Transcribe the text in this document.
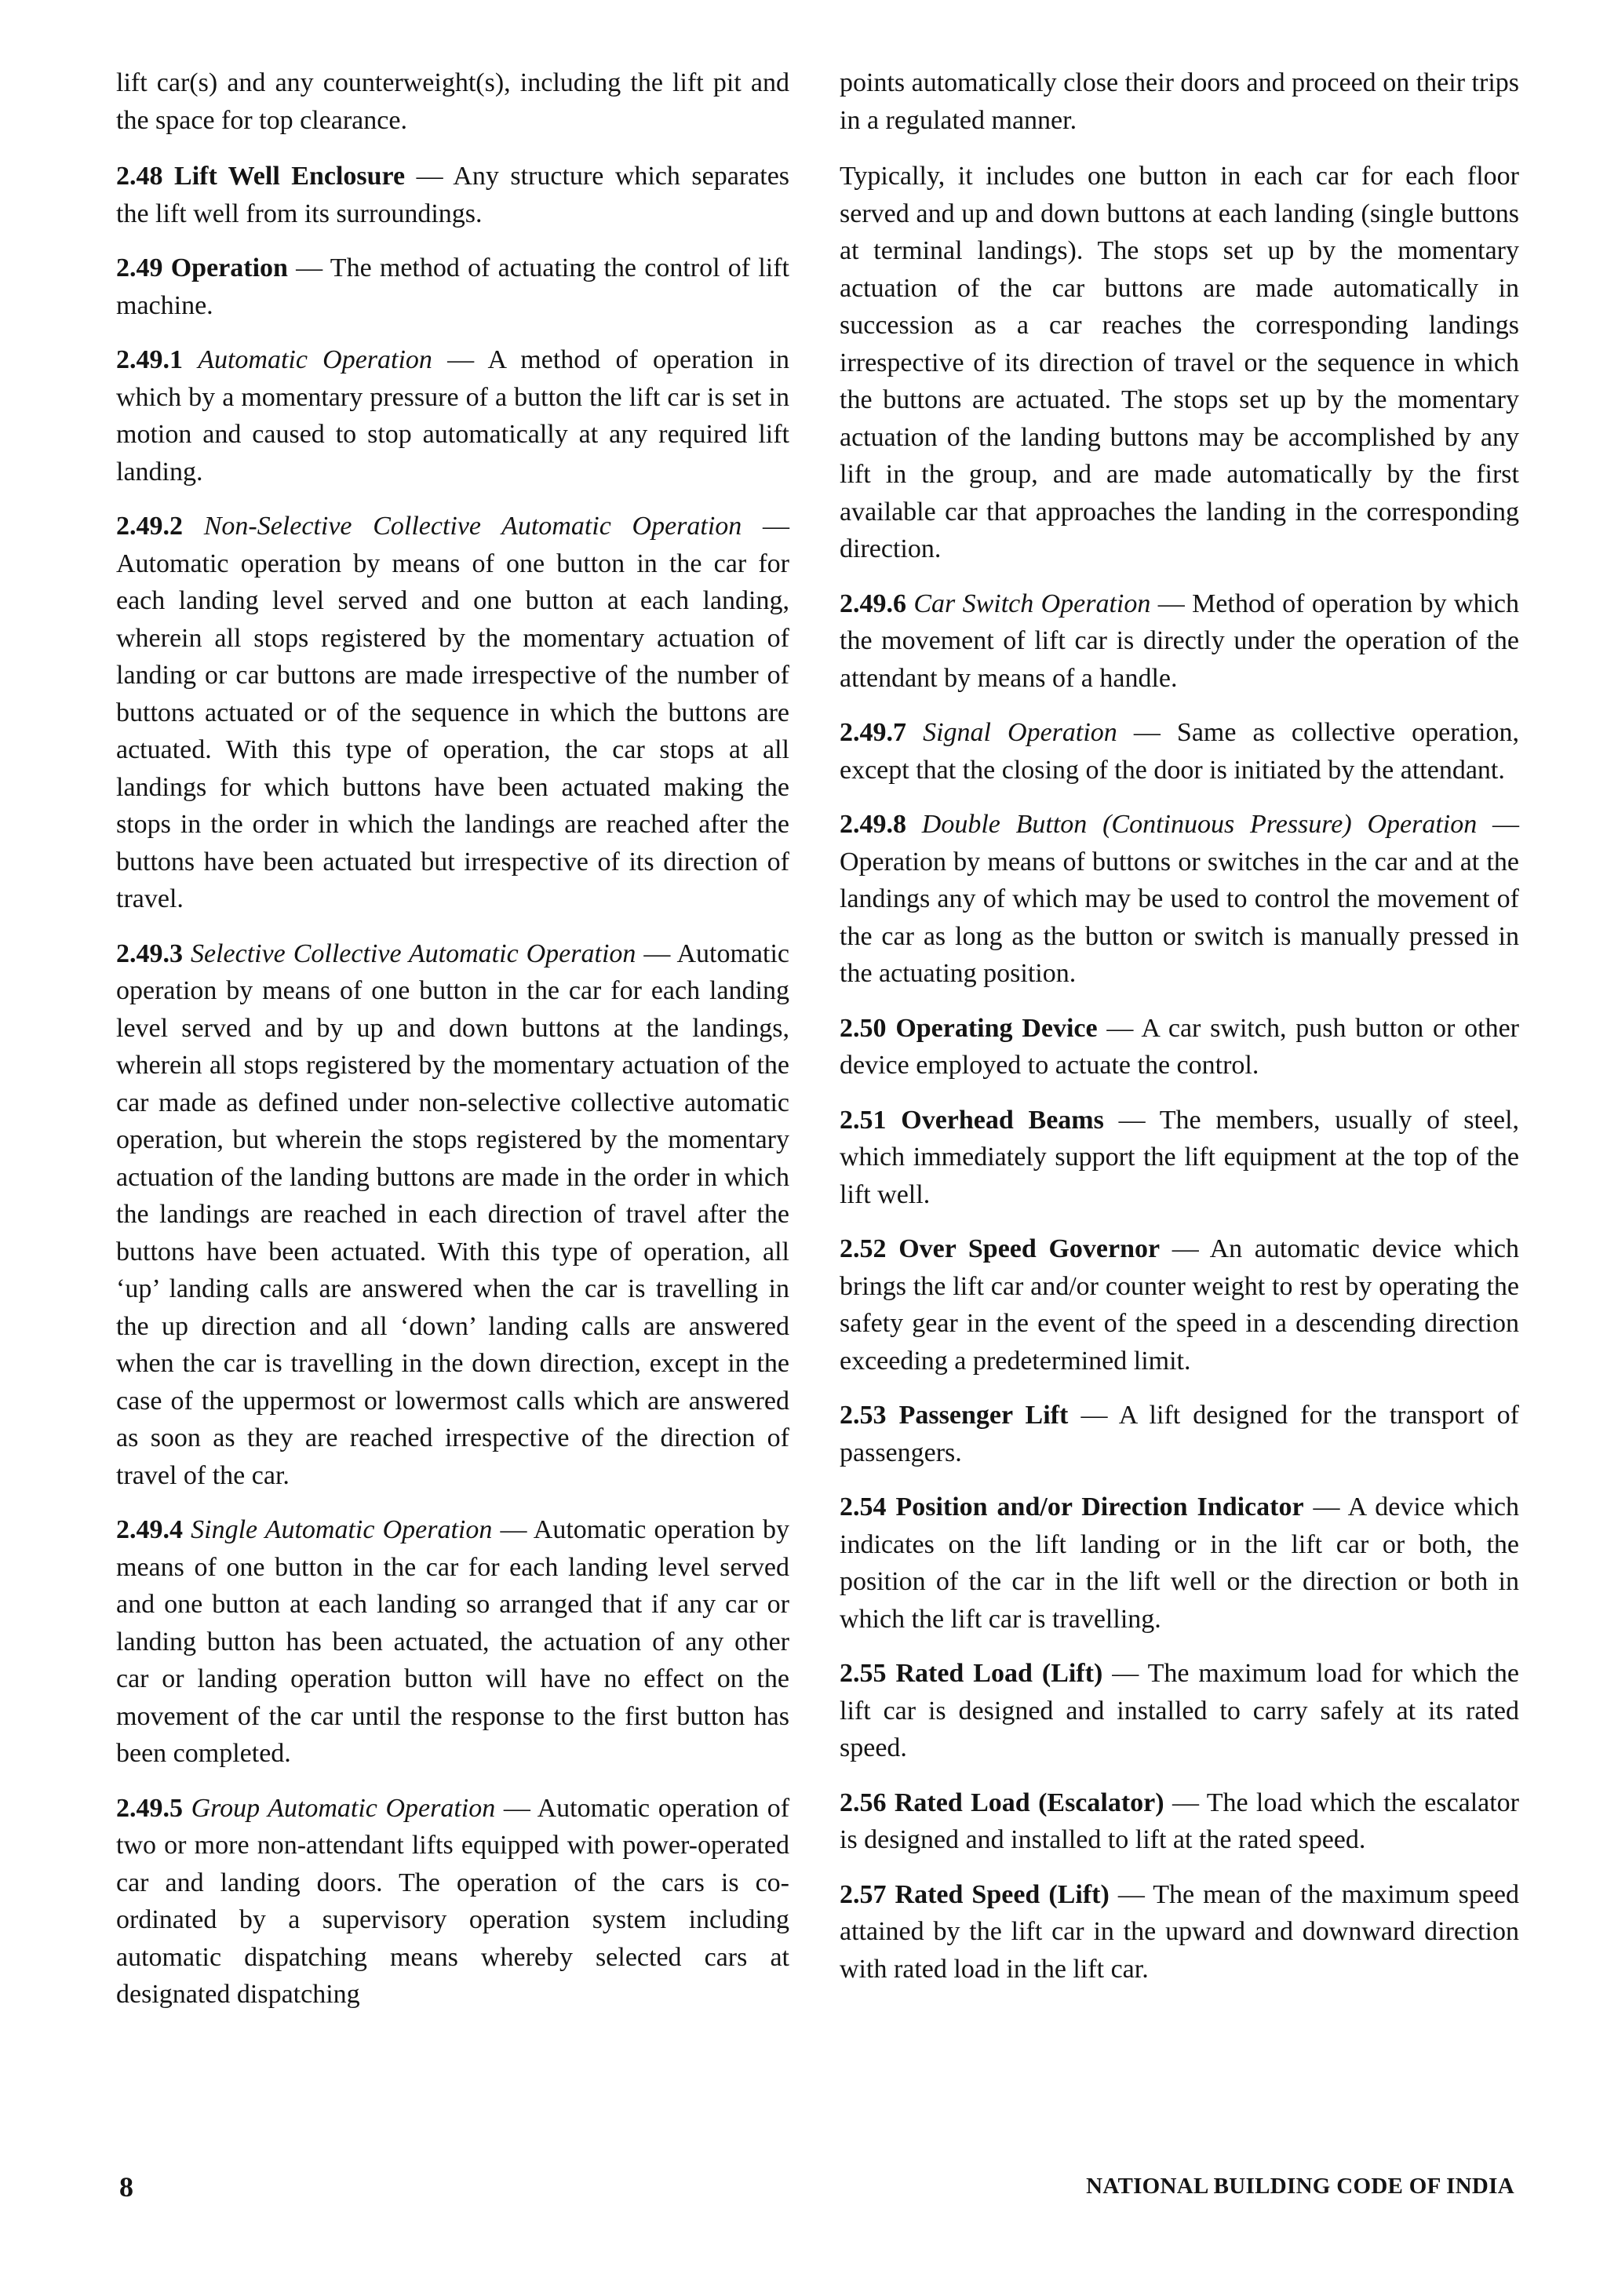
lift car(s) and any counterweight(s), including the lift pit and the space for top clearance.

2.48 Lift Well Enclosure — Any structure which separates the lift well from its surroundings.

2.49 Operation — The method of actuating the control of lift machine.

2.49.1 Automatic Operation — A method of operation in which by a momentary pressure of a button the lift car is set in motion and caused to stop automatically at any required lift landing.

2.49.2 Non-Selective Collective Automatic Operation — Automatic operation by means of one button in the car for each landing level served and one button at each landing, wherein all stops registered by the momentary actuation of landing or car buttons are made irrespective of the number of buttons actuated or of the sequence in which the buttons are actuated. With this type of operation, the car stops at all landings for which buttons have been actuated making the stops in the order in which the landings are reached after the buttons have been actuated but irrespective of its direction of travel.

2.49.3 Selective Collective Automatic Operation — Automatic operation by means of one button in the car for each landing level served and by up and down buttons at the landings, wherein all stops registered by the momentary actuation of the car made as defined under non-selective collective automatic operation, but wherein the stops registered by the momentary actuation of the landing buttons are made in the order in which the landings are reached in each direction of travel after the buttons have been actuated. With this type of operation, all ‘up’ landing calls are answered when the car is travelling in the up direction and all ‘down’ landing calls are answered when the car is travelling in the down direction, except in the case of the uppermost or lowermost calls which are answered as soon as they are reached irrespective of the direction of travel of the car.

2.49.4 Single Automatic Operation — Automatic operation by means of one button in the car for each landing level served and one button at each landing so arranged that if any car or landing button has been actuated, the actuation of any other car or landing operation button will have no effect on the movement of the car until the response to the first button has been completed.

2.49.5 Group Automatic Operation — Automatic operation of two or more non-attendant lifts equipped with power-operated car and landing doors. The operation of the cars is co-ordinated by a supervisory operation system including automatic dispatching means whereby selected cars at designated dispatching

points automatically close their doors and proceed on their trips in a regulated manner.

Typically, it includes one button in each car for each floor served and up and down buttons at each landing (single buttons at terminal landings). The stops set up by the momentary actuation of the car buttons are made automatically in succession as a car reaches the corresponding landings irrespective of its direction of travel or the sequence in which the buttons are actuated. The stops set up by the momentary actuation of the landing buttons may be accomplished by any lift in the group, and are made automatically by the first available car that approaches the landing in the corresponding direction.

2.49.6 Car Switch Operation — Method of operation by which the movement of lift car is directly under the operation of the attendant by means of a handle.

2.49.7 Signal Operation — Same as collective operation, except that the closing of the door is initiated by the attendant.

2.49.8 Double Button (Continuous Pressure) Operation — Operation by means of buttons or switches in the car and at the landings any of which may be used to control the movement of the car as long as the button or switch is manually pressed in the actuating position.

2.50 Operating Device — A car switch, push button or other device employed to actuate the control.

2.51 Overhead Beams — The members, usually of steel, which immediately support the lift equipment at the top of the lift well.

2.52 Over Speed Governor — An automatic device which brings the lift car and/or counter weight to rest by operating the safety gear in the event of the speed in a descending direction exceeding a predetermined limit.

2.53 Passenger Lift — A lift designed for the transport of passengers.

2.54 Position and/or Direction Indicator — A device which indicates on the lift landing or in the lift car or both, the position of the car in the lift well or the direction or both in which the lift car is travelling.

2.55 Rated Load (Lift) — The maximum load for which the lift car is designed and installed to carry safely at its rated speed.

2.56 Rated Load (Escalator) — The load which the escalator is designed and installed to lift at the rated speed.

2.57 Rated Speed (Lift) — The mean of the maximum speed attained by the lift car in the upward and downward direction with rated load in the lift car.

8	NATIONAL BUILDING CODE OF INDIA
